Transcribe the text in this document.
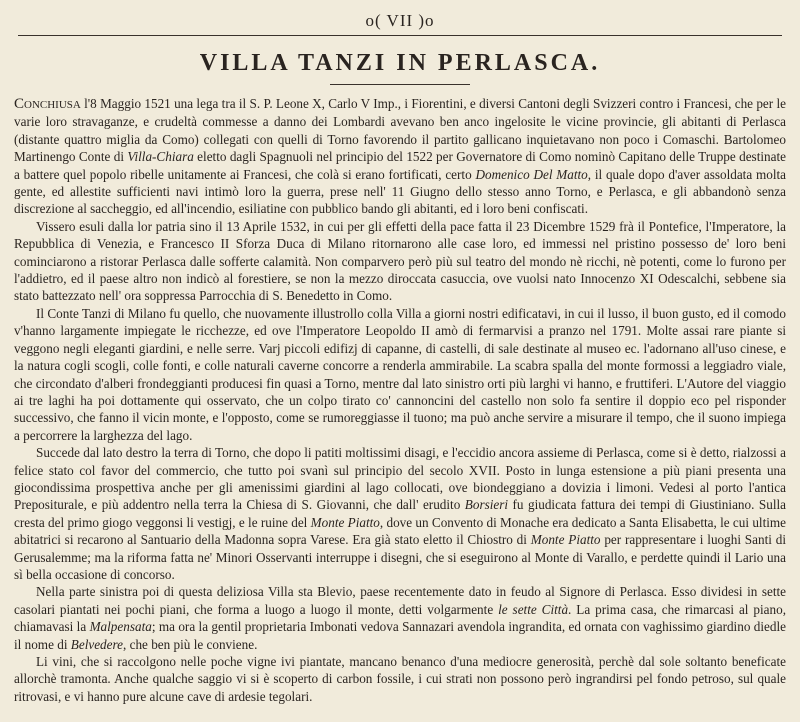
o( VII )o
VILLA TANZI IN PERLASCA.

Conchiusa l'8 Maggio 1521 una lega tra il S. P. Leone X, Carlo V Imp., i Fiorentini, e diversi Cantoni degli Svizzeri contro i Francesi, che per le varie loro stravaganze, e crudeltà commesse a danno dei Lombardi avevano ben anco ingelosite le vicine provincie, gli abitanti di Perlasca (distante quattro miglia da Como) collegati con quelli di Torno favorendo il partito gallicano inquietavano non poco i Comaschi. Bartolomeo Martinengo Conte di Villa-Chiara eletto dagli Spagnuoli nel principio del 1522 per Governatore di Como nominò Capitano delle Truppe destinate a battere quel popolo ribelle unitamente ai Francesi, che colà si erano fortificati, certo Domenico Del Matto, il quale dopo d'aver assoldata molta gente, ed allestite sufficienti navi intimò loro la guerra, prese nell' 11 Giugno dello stesso anno Torno, e Perlasca, e gli abbandonò senza discrezione al saccheggio, ed all'incendio, esiliatine con pubblico bando gli abitanti, ed i loro beni confiscati.

Vissero esuli dalla lor patria sino il 13 Aprile 1532, in cui per gli effetti della pace fatta il 23 Dicembre 1529 frà il Pontefice, l'Imperatore, la Repubblica di Venezia, e Francesco II Sforza Duca di Milano ritornarono alle case loro, ed immessi nel pristino possesso de' loro beni cominciarono a ristorar Perlasca dalle sofferte calamità. Non comparvero però più sul teatro del mondo nè ricchi, nè potenti, come lo furono per l'addietro, ed il paese altro non indicò al forestiere, se non la mezzo diroccata casuccia, ove vuolsi nato Innocenzo XI Odescalchi, sebbene sia stato battezzato nell' ora soppressa Parrocchia di S. Benedetto in Como.

Il Conte Tanzi di Milano fu quello, che nuovamente illustrollo colla Villa a giorni nostri edificatavi, in cui il lusso, il buon gusto, ed il comodo v'hanno largamente impiegate le ricchezze, ed ove l'Imperatore Leopoldo II amò di fermarvisi a pranzo nel 1791. Molte assai rare piante si veggono negli eleganti giardini, e nelle serre. Varj piccoli edifizj di capanne, di castelli, di sale destinate al museo ec. l'adornano all'uso cinese, e la natura cogli scogli, colle fonti, e colle naturali caverne concorre a renderla ammirabile. La scabra spalla del monte formossi a leggiadro viale, che circondato d'alberi frondeggianti producesi fin quasi a Torno, mentre dal lato sinistro orti più larghi vi hanno, e fruttiferi. L'Autore del viaggio ai tre laghi ha poi dottamente qui osservato, che un colpo tirato co' cannoncini del castello non solo fa sentire il doppio eco pel risponder successivo, che fanno il vicin monte, e l'opposto, come se rumoreggiasse il tuono; ma può anche servire a misurare il tempo, che il suono impiega a percorrere la larghezza del lago.

Succede dal lato destro la terra di Torno, che dopo li patiti moltissimi disagi, e l'eccidio ancora assieme di Perlasca, come si è detto, rialzossi a felice stato col favor del commercio, che tutto poi svanì sul principio del secolo XVII. Posto in lunga estensione a più piani presenta una giocondissima prospettiva anche per gli amenissimi giardini al lago collocati, ove biondeggiano a dovizia i limoni. Vedesi al porto l'antica Prepositurale, e più addentro nella terra la Chiesa di S. Giovanni, che dall' erudito Borsieri fu giudicata fattura dei tempi di Giustiniano. Sulla cresta del primo giogo veggonsi li vestigj, e le ruine del Monte Piatto, dove un Convento di Monache era dedicato a Santa Elisabetta, le cui ultime abitatrici si recarono al Santuario della Madonna sopra Varese. Era già stato eletto il Chiostro di Monte Piatto per rappresentare i luoghi Santi di Gerusalemme; ma la riforma fatta ne' Minori Osservanti interruppe i disegni, che si eseguirono al Monte di Varallo, e perdette quindi il Lario una sì bella occasione di concorso.

Nella parte sinistra poi di questa deliziosa Villa sta Blevio, paese recentemente dato in feudo al Signore di Perlasca. Esso dividesi in sette casolari piantati nei pochi piani, che forma a luogo a luogo il monte, detti volgarmente le sette Città. La prima casa, che rimarcasi al piano, chiamavasi la Malpensata; ma ora la gentil proprietaria Imbonati vedova Sannazari avendola ingrandita, ed ornata con vaghissimo giardino diedle il nome di Belvedere, che ben più le conviene.

Li vini, che si raccolgono nelle poche vigne ivi piantate, mancano benanco d'una mediocre generosità, perchè dal sole soltanto beneficate allorchè tramonta. Anche qualche saggio vi si è scoperto di carbon fossile, i cui strati non possono però ingrandirsi pel fondo petroso, sul quale ritrovasi, e vi hanno pure alcune cave di ardesie tegolari.
